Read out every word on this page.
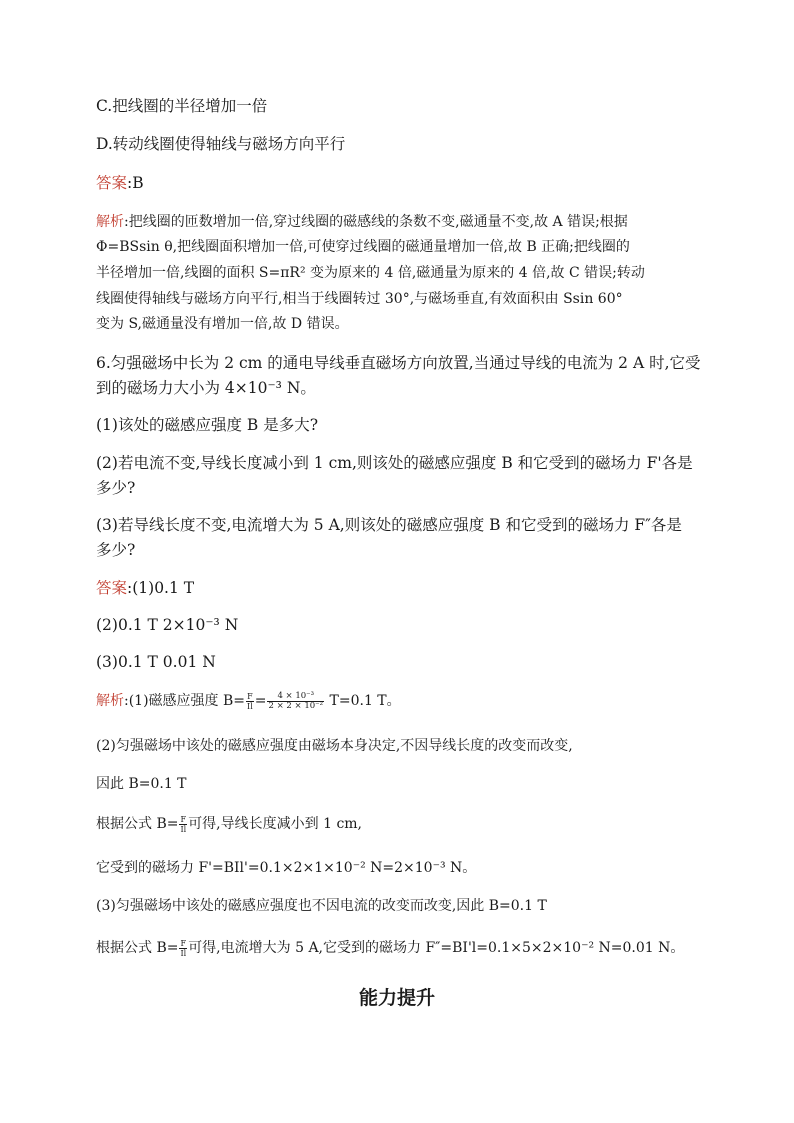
C.把线圈的半径增加一倍
D.转动线圈使得轴线与磁场方向平行
答案:B
解析:把线圈的匝数增加一倍,穿过线圈的磁感线的条数不变,磁通量不变,故 A 错误;根据
Φ=BSsin θ,把线圈面积增加一倍,可使穿过线圈的磁通量增加一倍,故 B 正确;把线圈的
半径增加一倍,线圈的面积 S=πR² 变为原来的 4 倍,磁通量为原来的 4 倍,故 C 错误;转动
线圈使得轴线与磁场方向平行,相当于线圈转过 30°,与磁场垂直,有效面积由 Ssin 60°
变为 S,磁通量没有增加一倍,故 D 错误。
6.匀强磁场中长为 2 cm 的通电导线垂直磁场方向放置,当通过导线的电流为 2 A 时,它受
到的磁场力大小为 4×10⁻³ N。
(1)该处的磁感应强度 B 是多大?
(2)若电流不变,导线长度减小到 1 cm,则该处的磁感应强度 B 和它受到的磁场力 F'各是
多少?
(3)若导线长度不变,电流增大为 5 A,则该处的磁感应强度 B 和它受到的磁场力 F″各是
多少?
答案:(1)0.1 T
(2)0.1 T 2×10⁻³ N
(3)0.1 T 0.01 N
解析:(1)磁感应强度 $B= \frac{F}{Il} = \frac{\text{4 × 10⁻³}}{\text{2 × 2 × 10⁻²}} T=0.1$ T。
(2)匀强磁场中该处的磁感应强度由磁场本身决定,不因导线长度的改变而改变,
因此 B=0.1 T
根据公式 $B= \frac{F}{Il}$ 可得,导线长度减小到 1 cm,
它受到的磁场力 F'=BIl'=0.1×2×1×10⁻² N=2×10⁻³ N。
(3)匀强磁场中该处的磁感应强度也不因电流的改变而改变,因此 B=0.1 T
根据公式 $B= \frac{F}{Il}$ 可得,电流增大为 5 A,它受到的磁场力 F″=BI'l=0.1×5×2×10⁻² N=0.01 N。
能力提升
